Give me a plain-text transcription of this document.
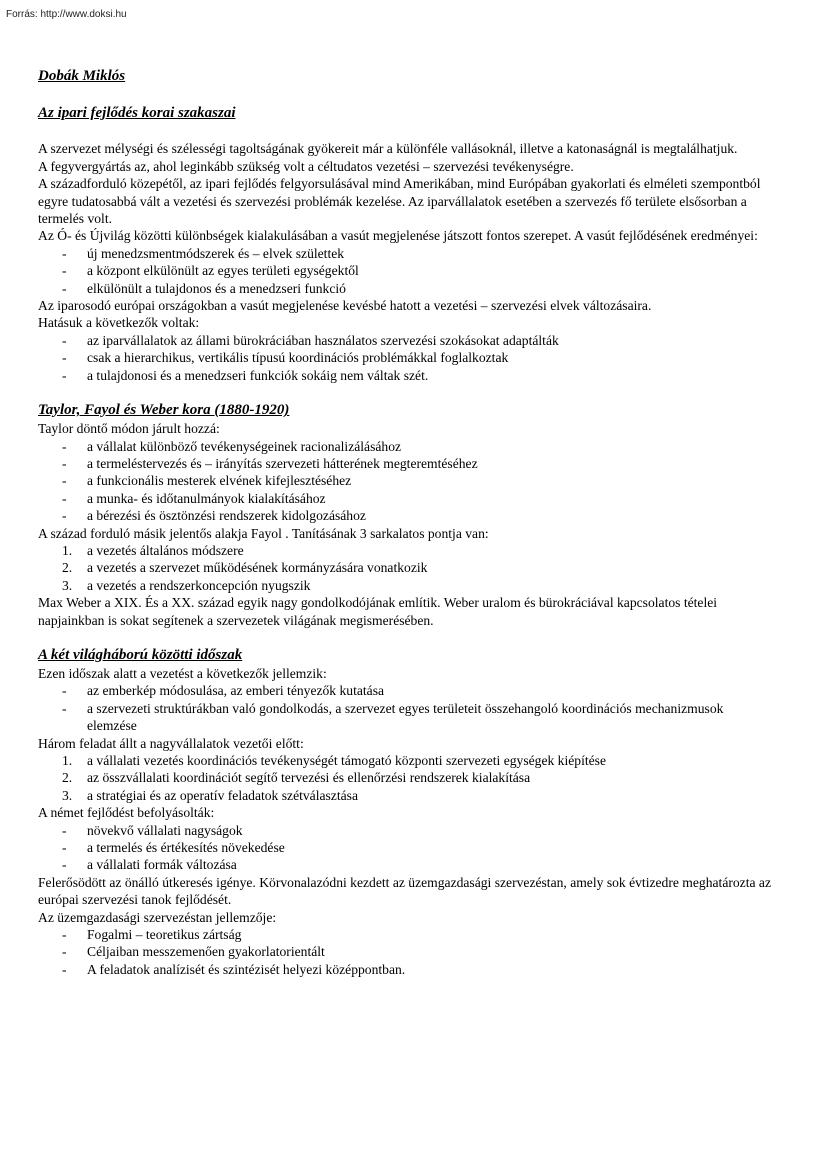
Forrás: http://www.doksi.hu

Dobák Miklós

Az ipari fejlődés korai szakaszai

A szervezet mélységi és szélességi tagoltságának gyökereit már a különféle vallásoknál, illetve a katonaságnál is megtalálhatjuk.

A fegyvergyártás az, ahol leginkább szükség volt a céltudatos vezetési – szervezési tevékenységre.

A századforduló közepétől, az ipari fejlődés felgyorsulásával mind Amerikában, mind Európában gyakorlati és elméleti szempontból egyre tudatosabbá vált a vezetési és szervezési problémák kezelése. Az iparvállalatok esetében a szervezés fő területe elsősorban a termelés volt.

Az Ó- és Újvilág közötti különbségek kialakulásában a vasút megjelenése játszott fontos szerepet. A vasút fejlődésének eredményei:

-	új menedzsmentmódszerek és – elvek születtek
-	a központ elkülönült az egyes területi egységektől
-	elkülönült a tulajdonos és a menedzseri funkció

Az iparosodó európai országokban a vasút megjelenése kevésbé hatott a vezetési – szervezési elvek változásaira.

Hatásuk a következők voltak:

-	az iparvállalatok az állami bürokráciában használatos szervezési szokásokat adaptálták
-	csak a hierarchikus, vertikális típusú koordinációs problémákkal foglalkoztak
-	a tulajdonosi és a menedzseri funkciók sokáig nem váltak szét.

Taylor, Fayol és Weber kora (1880-1920)

Taylor döntő módon járult hozzá:

-	a vállalat különböző tevékenységeinek racionalizálásához
-	a termeléstervezés és – irányítás szervezeti hátterének megteremtéséhez
-	a funkcionális mesterek elvének kifejlesztéséhez
-	a munka- és időtanulmányok kialakításához
-	a bérezési és ösztönzési rendszerek kidolgozásához

A század forduló másik jelentős alakja Fayol . Tanításának 3 sarkalatos pontja van:

1.	a vezetés általános módszere
2.	a vezetés a szervezet működésének kormányzására vonatkozik
3.	a vezetés a rendszerkoncepción nyugszik

Max Weber a XIX. És a XX. század egyik nagy gondolkodójának említik. Weber uralom és bürokráciával kapcsolatos tételei napjainkban is sokat segítenek a szervezetek világának megismerésében.

A két világháború közötti időszak

Ezen időszak alatt a vezetést a következők jellemzik:

-	az emberkép módosulása, az emberi tényezők kutatása
-	a szervezeti struktúrákban való gondolkodás, a szervezet egyes területeit összehangoló koordinációs mechanizmusok elemzése

Három feladat állt a nagyvállalatok vezetői előtt:

1.	a vállalati vezetés koordinációs tevékenységét támogató központi szervezeti egységek kiépítése
2.	az összvállalati koordinációt segítő tervezési és ellenőrzési rendszerek kialakítása
3.	a stratégiai és az operatív feladatok szétválasztása

A német fejlődést befolyásolták:

-	növekvő vállalati nagyságok
-	a termelés és értékesítés növekedése
-	a vállalati formák változása

Felerősödött az önálló útkeresés igénye. Körvonalazódni kezdett az üzemgazdasági szervezéstan, amely sok évtizedre meghatározta az európai szervezési tanok fejlődését.

Az üzemgazdasági szervezéstan jellemzője:

-	Fogalmi – teoretikus zártság
-	Céljaiban messzemenően gyakorlatorientált
-	A feladatok analízisét és szintézisét helyezi középpontban.
